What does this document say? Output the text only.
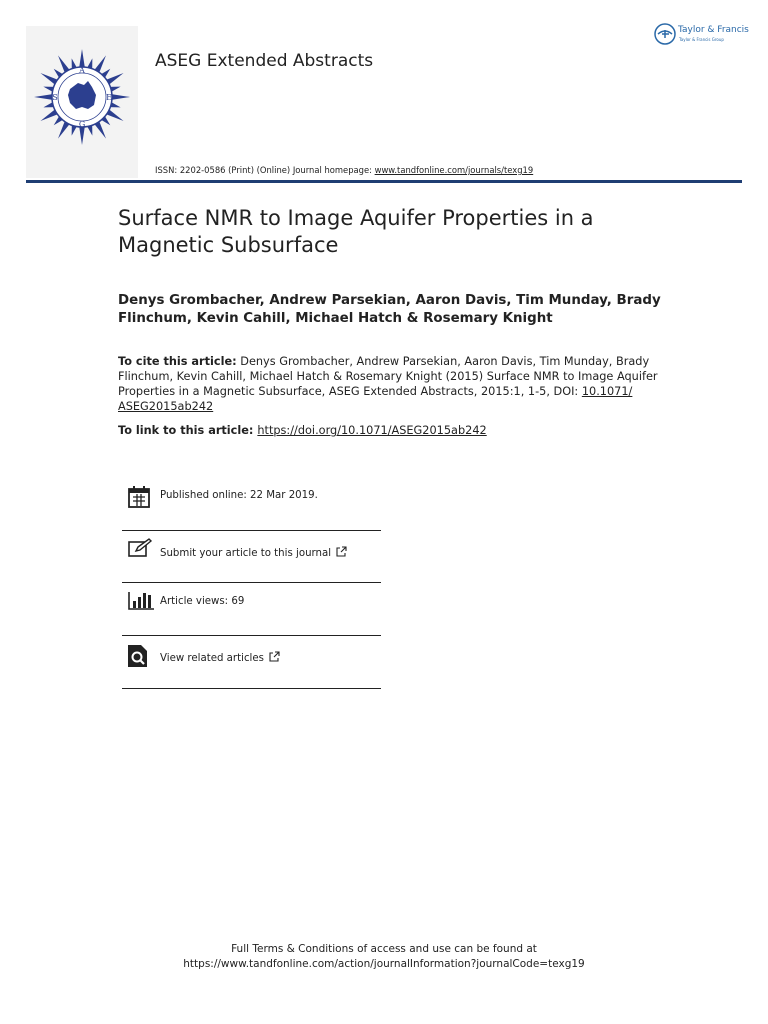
A
S	E
G
ASEG Extended Abstracts
Taylor & Francis
Taylor & Francis Group
ISSN: 2202-0586 (Print) (Online) Journal homepage: www.tandfonline.com/journals/texg19
Surface NMR to Image Aquifer Properties in a Magnetic Subsurface
Denys Grombacher, Andrew Parsekian, Aaron Davis, Tim Munday, Brady Flinchum, Kevin Cahill, Michael Hatch & Rosemary Knight
To cite this article: Denys Grombacher, Andrew Parsekian, Aaron Davis, Tim Munday, Brady Flinchum, Kevin Cahill, Michael Hatch & Rosemary Knight (2015) Surface NMR to Image Aquifer Properties in a Magnetic Subsurface, ASEG Extended Abstracts, 2015:1, 1-5, DOI: 10.1071/ ASEG2015ab242
To link to this article: https://doi.org/10.1071/ASEG2015ab242
Published online: 22 Mar 2019.
Submit your article to this journal
Article views: 69
View related articles
Full Terms & Conditions of access and use can be found at
https://www.tandfonline.com/action/journalInformation?journalCode=texg19
